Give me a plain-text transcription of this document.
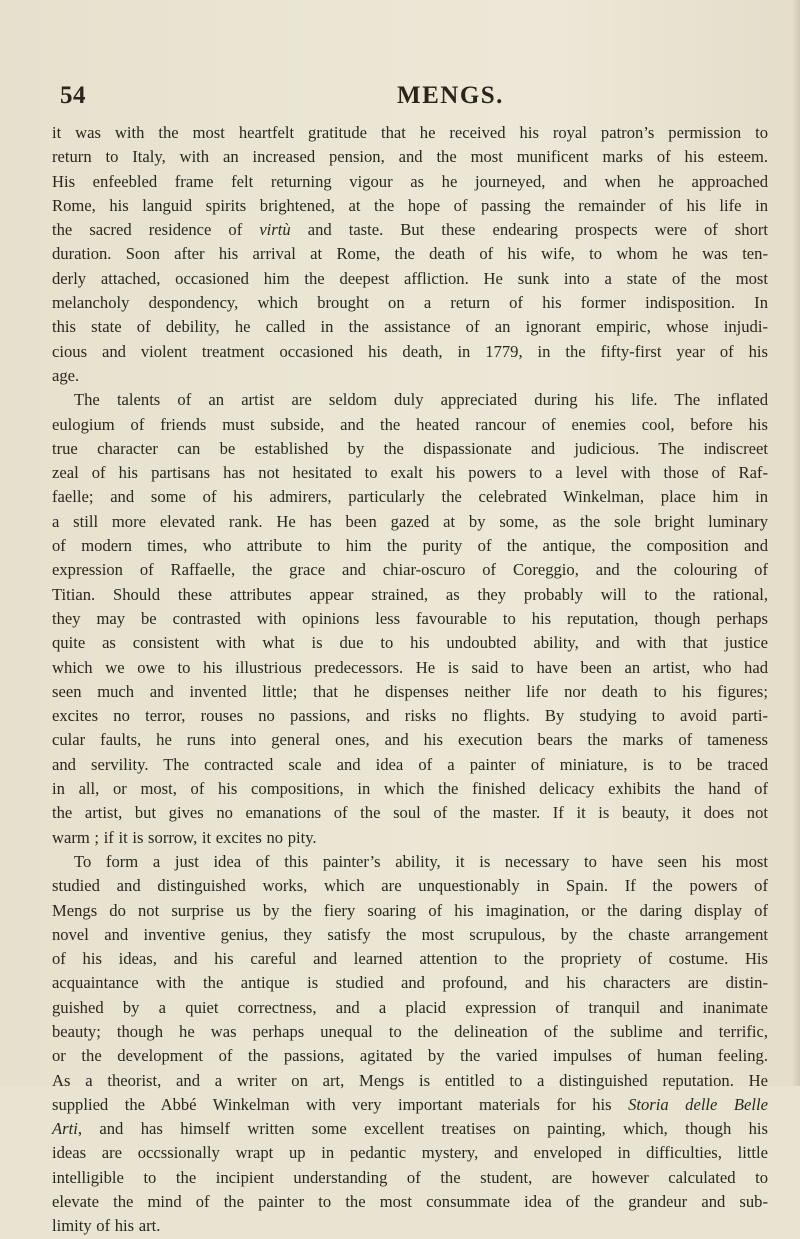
54	MENGS.
it was with the most heartfelt gratitude that he received his royal patron’s permission to
return to Italy, with an increased pension, and the most munificent marks of his esteem.
His enfeebled frame felt returning vigour as he journeyed, and when he approached
Rome, his languid spirits brightened, at the hope of passing the remainder of his life in
the sacred residence of virtù and taste. But these endearing prospects were of short
duration. Soon after his arrival at Rome, the death of his wife, to whom he was ten-
derly attached, occasioned him the deepest affliction. He sunk into a state of the most
melancholy despondency, which brought on a return of his former indisposition. In
this state of debility, he called in the assistance of an ignorant empiric, whose injudi-
cious and violent treatment occasioned his death, in 1779, in the fifty-first year of his
age.
The talents of an artist are seldom duly appreciated during his life. The inflated
eulogium of friends must subside, and the heated rancour of enemies cool, before his
true character can be established by the dispassionate and judicious. The indiscreet
zeal of his partisans has not hesitated to exalt his powers to a level with those of Raf-
faelle; and some of his admirers, particularly the celebrated Winkelman, place him in
a still more elevated rank. He has been gazed at by some, as the sole bright luminary
of modern times, who attribute to him the purity of the antique, the composition and
expression of Raffaelle, the grace and chiar-oscuro of Coreggio, and the colouring of
Titian. Should these attributes appear strained, as they probably will to the rational,
they may be contrasted with opinions less favourable to his reputation, though perhaps
quite as consistent with what is due to his undoubted ability, and with that justice
which we owe to his illustrious predecessors. He is said to have been an artist, who had
seen much and invented little; that he dispenses neither life nor death to his figures;
excites no terror, rouses no passions, and risks no flights. By studying to avoid parti-
cular faults, he runs into general ones, and his execution bears the marks of tameness
and servility. The contracted scale and idea of a painter of miniature, is to be traced
in all, or most, of his compositions, in which the finished delicacy exhibits the hand of
the artist, but gives no emanations of the soul of the master. If it is beauty, it does not
warm ; if it is sorrow, it excites no pity.
To form a just idea of this painter’s ability, it is necessary to have seen his most
studied and distinguished works, which are unquestionably in Spain. If the powers of
Mengs do not surprise us by the fiery soaring of his imagination, or the daring display of
novel and inventive genius, they satisfy the most scrupulous, by the chaste arrangement
of his ideas, and his careful and learned attention to the propriety of costume. His
acquaintance with the antique is studied and profound, and his characters are distin-
guished by a quiet correctness, and a placid expression of tranquil and inanimate
beauty; though he was perhaps unequal to the delineation of the sublime and terrific,
or the development of the passions, agitated by the varied impulses of human feeling.
As a theorist, and a writer on art, Mengs is entitled to a distinguished reputation. He
supplied the Abbé Winkelman with very important materials for his Storia delle Belle
Arti, and has himself written some excellent treatises on painting, which, though his
ideas are occssionally wrapt up in pedantic mystery, and enveloped in difficulties, little
intelligible to the incipient understanding of the student, are however calculated to
elevate the mind of the painter to the most consummate idea of the grandeur and sub-
limity of his art.
